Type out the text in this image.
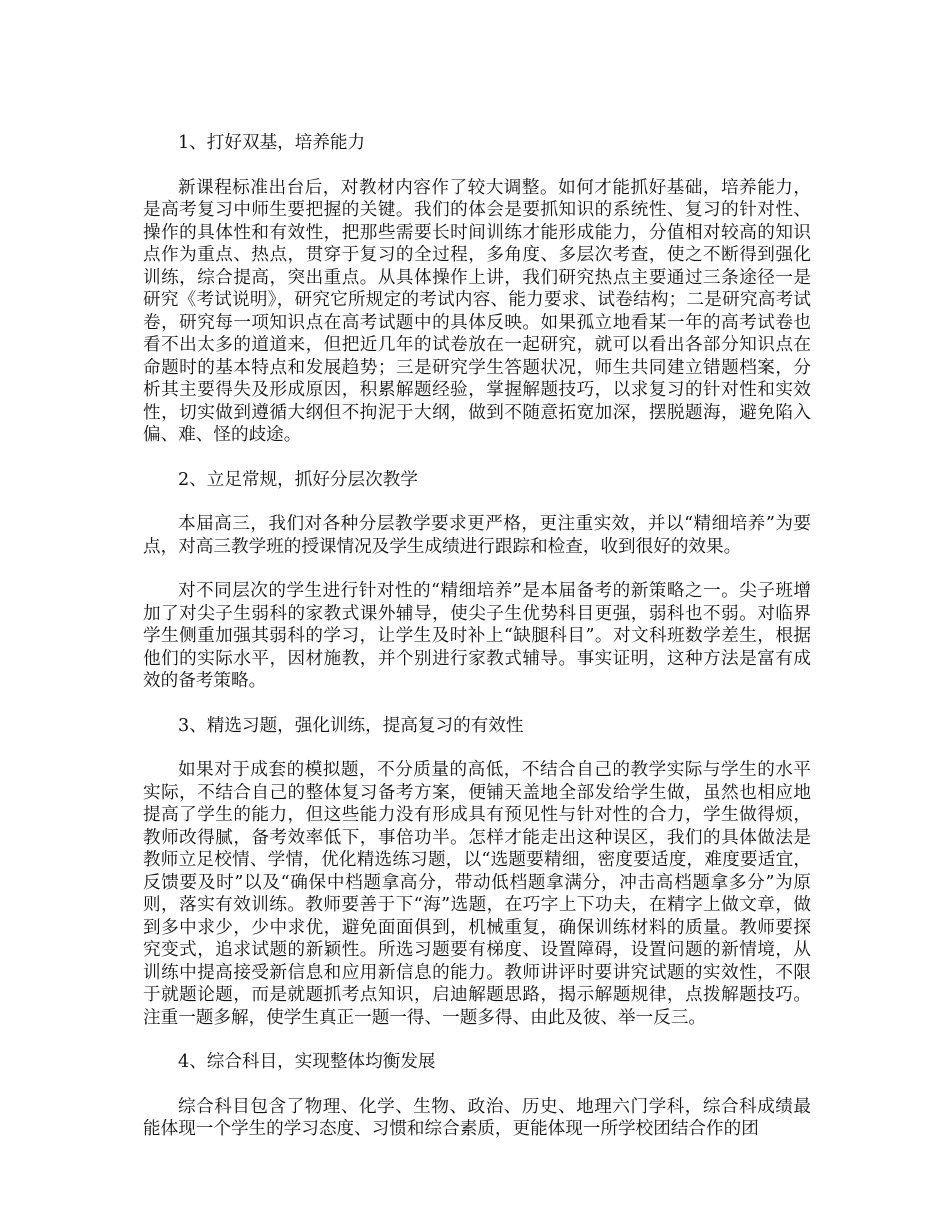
1、打好双基，培养能力
新课程标准出台后，对教材内容作了较大调整。如何才能抓好基础，培养能力，是高考复习中师生要把握的关键。我们的体会是要抓知识的系统性、复习的针对性、操作的具体性和有效性，把那些需要长时间训练才能形成能力，分值相对较高的知识点作为重点、热点，贯穿于复习的全过程，多角度、多层次考查，使之不断得到强化训练，综合提高，突出重点。从具体操作上讲，我们研究热点主要通过三条途径一是研究《考试说明》，研究它所规定的考试内容、能力要求、试卷结构；二是研究高考试卷，研究每一项知识点在高考试题中的具体反映。如果孤立地看某一年的高考试卷也看不出太多的道道来，但把近几年的试卷放在一起研究，就可以看出各部分知识点在命题时的基本特点和发展趋势；三是研究学生答题状况，师生共同建立错题档案，分析其主要得失及形成原因，积累解题经验，掌握解题技巧，以求复习的针对性和实效性，切实做到遵循大纲但不拘泥于大纲，做到不随意拓宽加深，摆脱题海，避免陷入偏、难、怪的歧途。
2、立足常规，抓好分层次教学
本届高三，我们对各种分层教学要求更严格，更注重实效，并以“精细培养”为要点，对高三教学班的授课情况及学生成绩进行跟踪和检查，收到很好的效果。
对不同层次的学生进行针对性的“精细培养”是本届备考的新策略之一。尖子班增加了对尖子生弱科的家教式课外辅导，使尖子生优势科目更强，弱科也不弱。对临界学生侧重加强其弱科的学习，让学生及时补上“缺腿科目”。对文科班数学差生，根据他们的实际水平，因材施教，并个别进行家教式辅导。事实证明，这种方法是富有成效的备考策略。
3、精选习题，强化训练，提高复习的有效性
如果对于成套的模拟题，不分质量的高低，不结合自己的教学实际与学生的水平实际，不结合自己的整体复习备考方案，便铺天盖地全部发给学生做，虽然也相应地提高了学生的能力，但这些能力没有形成具有预见性与针对性的合力，学生做得烦，教师改得腻，备考效率低下，事倍功半。怎样才能走出这种误区，我们的具体做法是教师立足校情、学情，优化精选练习题，以“选题要精细，密度要适度，难度要适宜，反馈要及时”以及“确保中档题拿高分，带动低档题拿满分，冲击高档题拿多分”为原则，落实有效训练。教师要善于下“海”选题，在巧字上下功夫，在精字上做文章，做到多中求少，少中求优，避免面面俱到，机械重复，确保训练材料的质量。教师要探究变式，追求试题的新颖性。所选习题要有梯度、设置障碍，设置问题的新情境，从训练中提高接受新信息和应用新信息的能力。教师讲评时要讲究试题的实效性，不限于就题论题，而是就题抓考点知识，启迪解题思路，揭示解题规律，点拨解题技巧。注重一题多解，使学生真正一题一得、一题多得、由此及彼、举一反三。
4、综合科目，实现整体均衡发展
综合科目包含了物理、化学、生物、政治、历史、地理六门学科，综合科成绩最能体现一个学生的学习态度、习惯和综合素质，更能体现一所学校团结合作的团
